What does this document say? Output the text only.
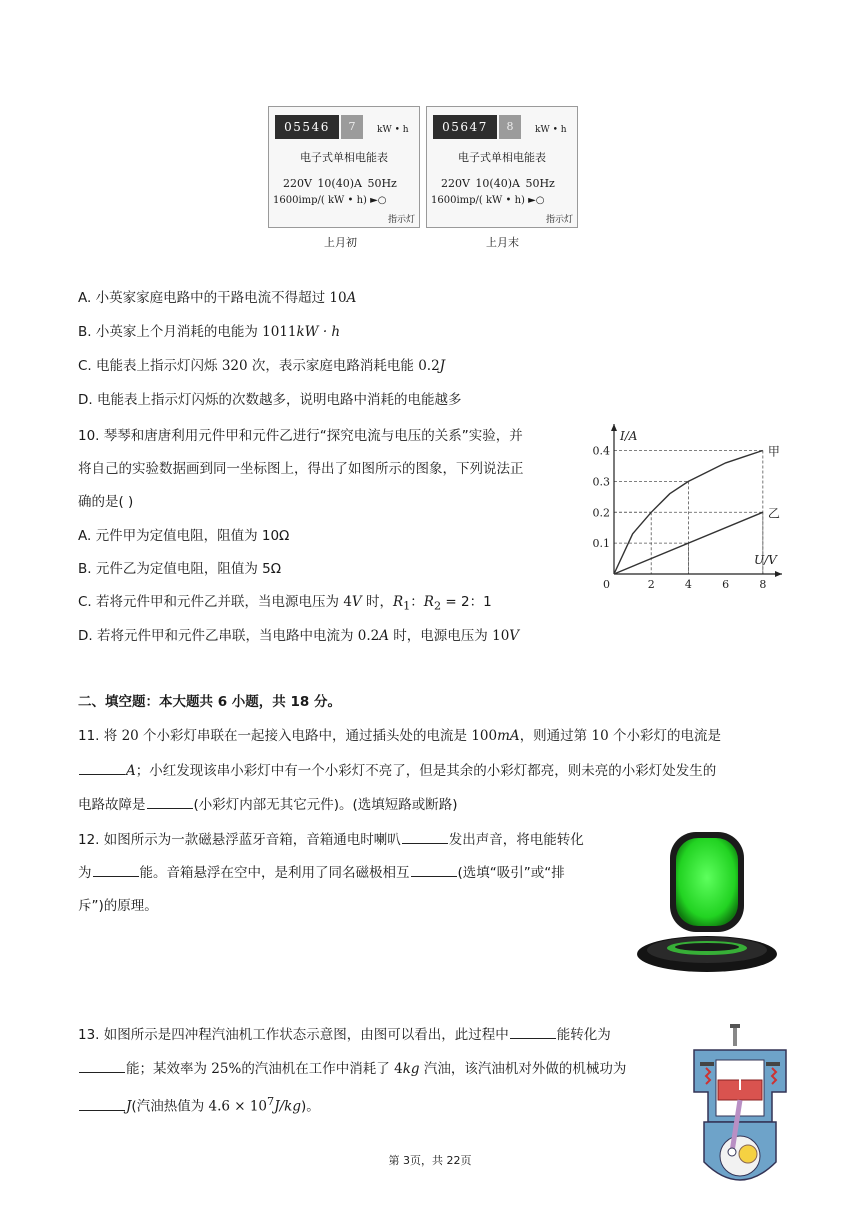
05546	7	kW • h
电子式单相电能表
220V 10(40)A 50Hz
1600imp/( kW • h) ►○
指示灯
上月初
05647	8	kW • h
电子式单相电能表
220V 10(40)A 50Hz
1600imp/( kW • h) ►○
指示灯
上月末
A. 小英家家庭电路中的干路电流不得超过 10A
B. 小英家上个月消耗的电能为 1011kW · h
C. 电能表上指示灯闪烁 320 次，表示家庭电路消耗电能 0.2J
D. 电能表上指示灯闪烁的次数越多，说明电路中消耗的电能越多
10. 琴琴和唐唐利用元件甲和元件乙进行“探究电流与电压的关系”实验，并
将自己的实验数据画到同一坐标图上，得出了如图所示的图象，下列说法正
确的是( )
A. 元件甲为定值电阻，阻值为 10Ω
B. 元件乙为定值电阻，阻值为 5Ω
C. 若将元件甲和元件乙并联，当电源电压为 4V 时，$R_1$：$R_2 = 2$：1
D. 若将元件甲和元件乙串联，当电路中电流为 0.2A 时，电源电压为 10V
2	4	6	8
0.1
0.2
0.3
0.4
0
I/A
U/V
甲
乙
二、填空题：本大题共 6 小题，共 18 分。
11. 将 20 个小彩灯串联在一起接入电路中，通过插头处的电流是 100mA，则通过第 10 个小彩灯的电流是
A；小红发现该串小彩灯中有一个小彩灯不亮了，但是其余的小彩灯都亮，则未亮的小彩灯处发生的
电路故障是	(小彩灯内部无其它元件)。(选填短路或断路)
12. 如图所示为一款磁悬浮蓝牙音箱，音箱通电时喇叭	发出声音，将电能转化
为	能。音箱悬浮在空中，是利用了同名磁极相互	(选填“吸引”或“排
斥”)的原理。
13. 如图所示是四冲程汽油机工作状态示意图，由图可以看出，此过程中	能转化为
能；某效率为 25%的汽油机在工作中消耗了 4kg 汽油，该汽油机对外做的机械功为
J(汽油热值为 $4.6 \times 10^7J/kg$)。
第 3页，共 22页
